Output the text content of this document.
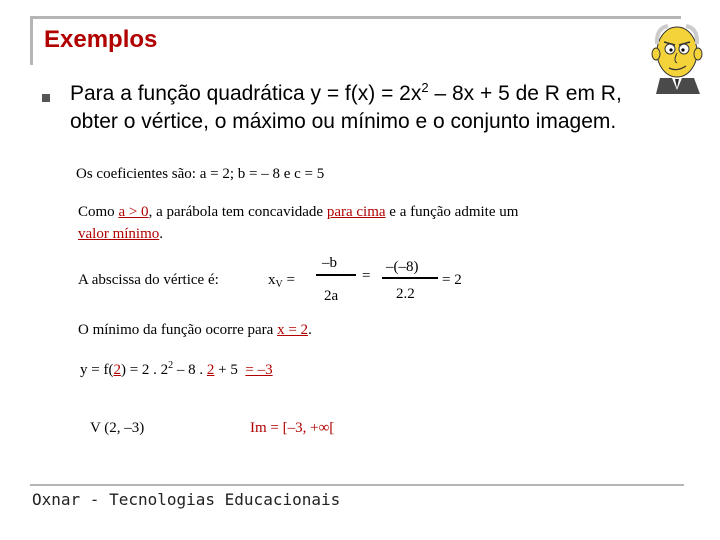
Exemplos
Para a função quadrática $y = f(x) = 2x^2 - 8x + 5$ de R em R, obter o vértice, o máximo ou mínimo e o conjunto imagem.
Os coeficientes são: a = 2; b = – 8 e c = 5
Como a > 0, a parábola tem concavidade para cima e a função admite um
valor mínimo.
A abscissa do vértice é:	$x_V$ =
–b
2a
=
–(–8)
2.2
= 2
O mínimo da função ocorre para x = 2.
y = f(2) = 2 . $2^2 - 8$ . 2 + 5 = –3
V (2, –3)	Im = [–3, +∞[
Oxnar - Tecnologias Educacionais
